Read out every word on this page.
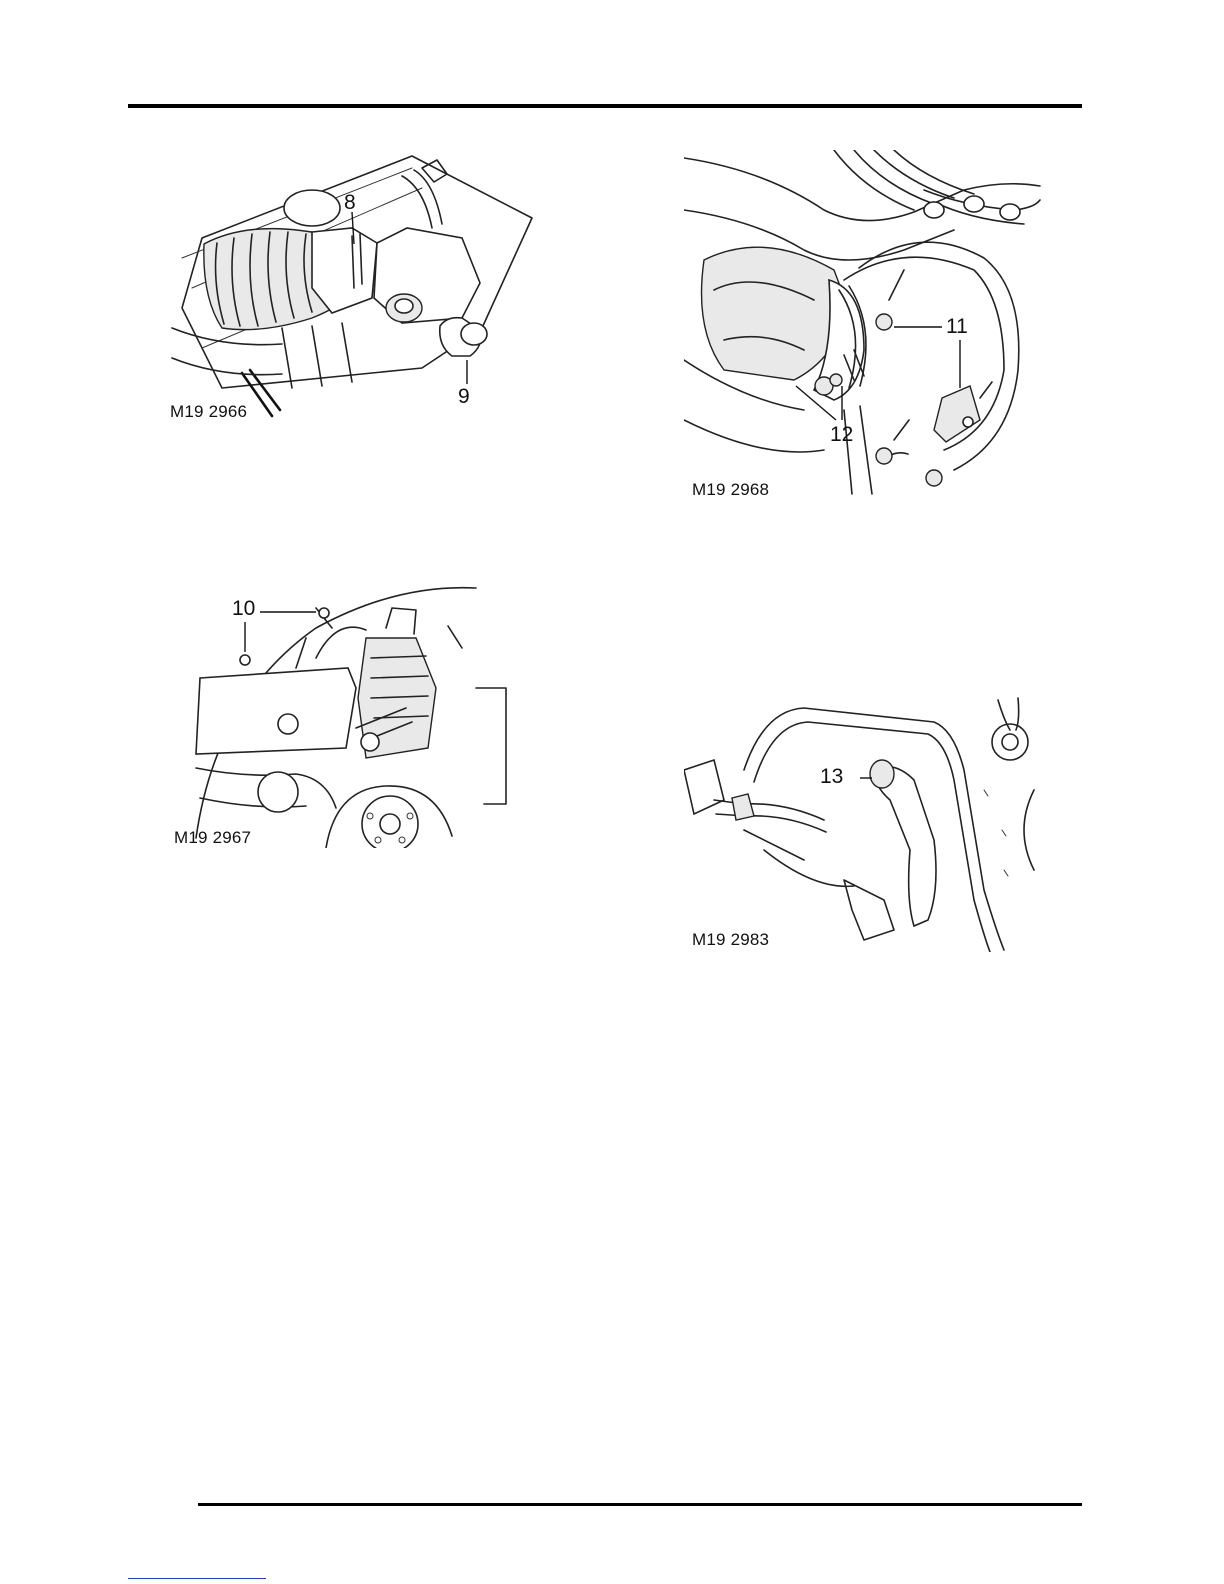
8
9
M19 2966
11
12
M19 2968
10
M19 2967
13
M19 2983
